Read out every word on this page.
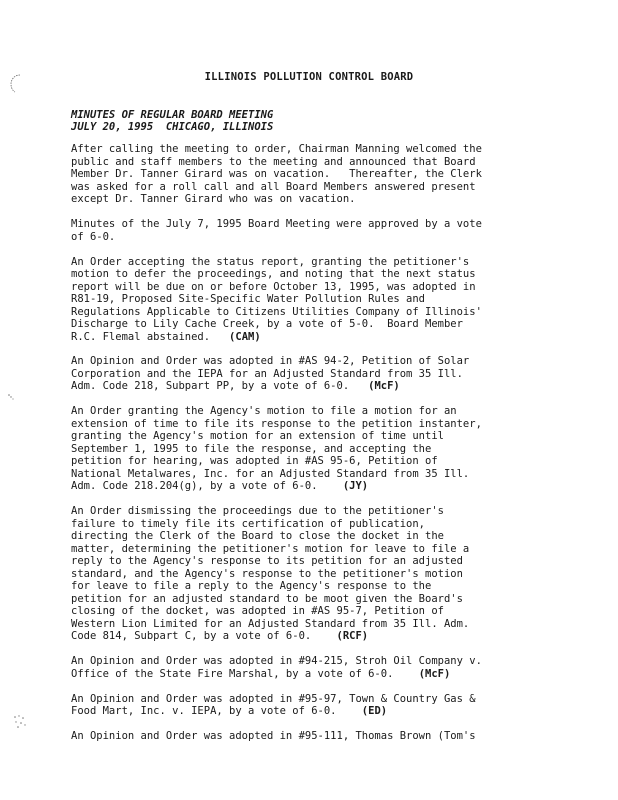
ILLINOIS POLLUTION CONTROL BOARD
MINUTES OF REGULAR BOARD MEETING
JULY 20, 1995  CHICAGO, ILLINOIS
After calling the meeting to order, Chairman Manning welcomed the
public and staff members to the meeting and announced that Board
Member Dr. Tanner Girard was on vacation.   Thereafter, the Clerk
was asked for a roll call and all Board Members answered present
except Dr. Tanner Girard who was on vacation.
Minutes of the July 7, 1995 Board Meeting were approved by a vote
of 6-0.
An Order accepting the status report, granting the petitioner's
motion to defer the proceedings, and noting that the next status
report will be due on or before October 13, 1995, was adopted in
R81-19, Proposed Site-Specific Water Pollution Rules and
Regulations Applicable to Citizens Utilities Company of Illinois'
Discharge to Lily Cache Creek, by a vote of 5-0.  Board Member
R.C. Flemal abstained.   (CAM)
An Opinion and Order was adopted in #AS 94-2, Petition of Solar
Corporation and the IEPA for an Adjusted Standard from 35 Ill.
Adm. Code 218, Subpart PP, by a vote of 6-0.   (McF)
An Order granting the Agency's motion to file a motion for an
extension of time to file its response to the petition instanter,
granting the Agency's motion for an extension of time until
September 1, 1995 to file the response, and accepting the
petition for hearing, was adopted in #AS 95-6, Petition of
National Metalwares, Inc. for an Adjusted Standard from 35 Ill.
Adm. Code 218.204(g), by a vote of 6-0.    (JY)
An Order dismissing the proceedings due to the petitioner's
failure to timely file its certification of publication,
directing the Clerk of the Board to close the docket in the
matter, determining the petitioner's motion for leave to file a
reply to the Agency's response to its petition for an adjusted
standard, and the Agency's response to the petitioner's motion
for leave to file a reply to the Agency's response to the
petition for an adjusted standard to be moot given the Board's
closing of the docket, was adopted in #AS 95-7, Petition of
Western Lion Limited for an Adjusted Standard from 35 Ill. Adm.
Code 814, Subpart C, by a vote of 6-0.    (RCF)
An Opinion and Order was adopted in #94-215, Stroh Oil Company v.
Office of the State Fire Marshal, by a vote of 6-0.    (McF)
An Opinion and Order was adopted in #95-97, Town & Country Gas &
Food Mart, Inc. v. IEPA, by a vote of 6-0.    (ED)
An Opinion and Order was adopted in #95-111, Thomas Brown (Tom's
